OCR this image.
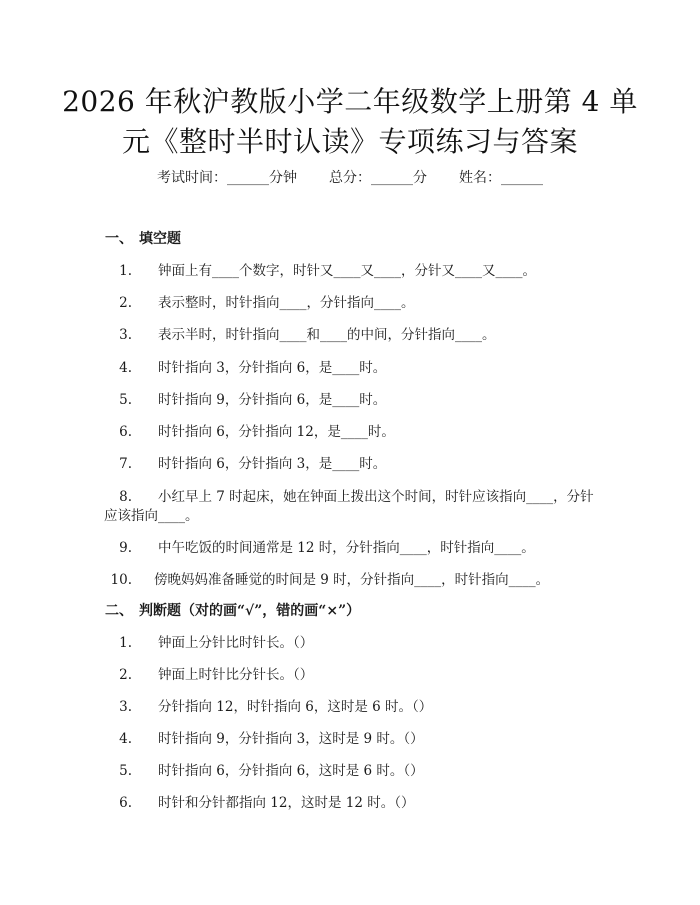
2026 年秋沪教版小学二年级数学上册第 4 单
元《整时半时认读》专项练习与答案
考试时间：______分钟 总分：______分 姓名：______
一、 填空题
1. 钟面上有____个数字，时针又____又____，分针又____又____。
2. 表示整时，时针指向____，分针指向____。
3. 表示半时，时针指向____和____的中间，分针指向____。
4. 时针指向 3，分针指向 6，是____时。
5. 时针指向 9，分针指向 6，是____时。
6. 时针指向 6，分针指向 12，是____时。
7. 时针指向 6，分针指向 3，是____时。
8. 小红早上 7 时起床，她在钟面上拨出这个时间，时针应该指向____，分针
应该指向____。
9. 中午吃饭的时间通常是 12 时，分针指向____，时针指向____。
10. 傍晚妈妈准备睡觉的时间是 9 时，分针指向____，时针指向____。
二、 判断题（对的画“√”，错的画“×”）
1. 钟面上分针比时针长。（）
2. 钟面上时针比分针长。（）
3. 分针指向 12，时针指向 6，这时是 6 时。（）
4. 时针指向 9，分针指向 3，这时是 9 时。（）
5. 时针指向 6，分针指向 6，这时是 6 时。（）
6. 时针和分针都指向 12，这时是 12 时。（）
